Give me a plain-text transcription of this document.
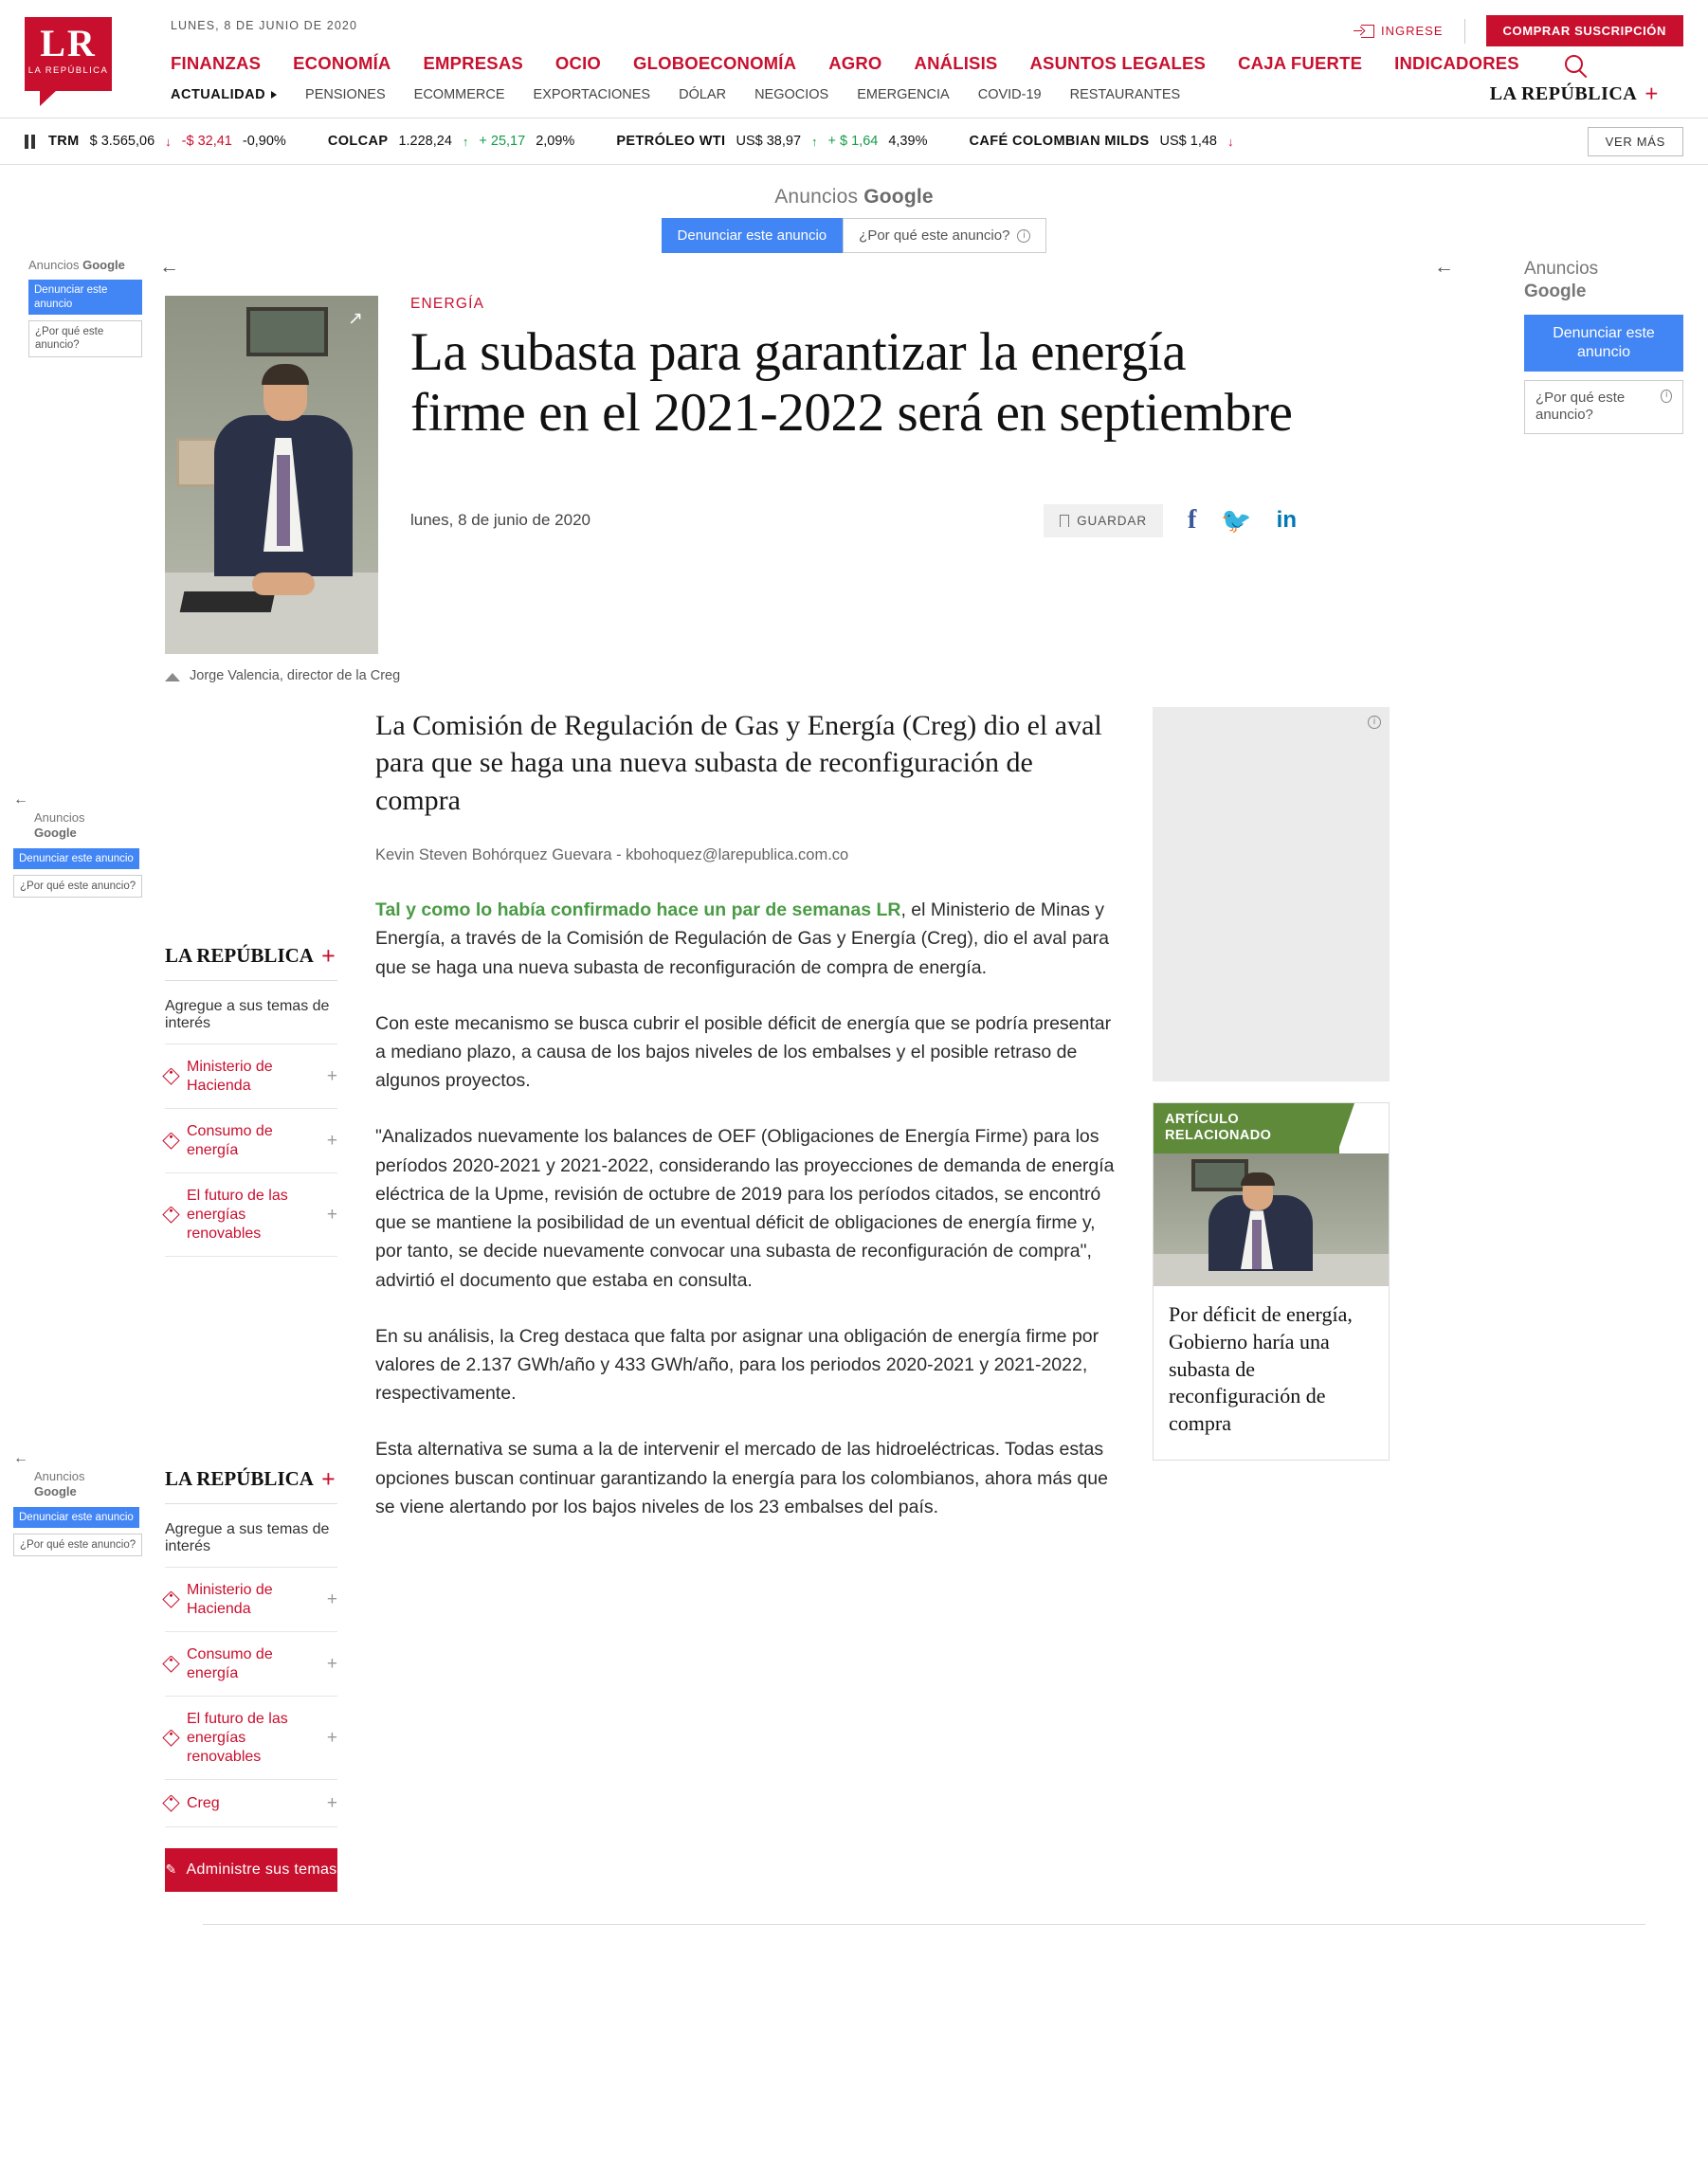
LR
LA REPÚBLICA
LUNES, 8 DE JUNIO DE 2020
FINANZAS ECONOMÍA EMPRESAS OCIO GLOBOECONOMÍA AGRO ANÁLISIS ASUNTOS LEGALES CAJA FUERTE INDICADORES
ACTUALIDAD	PENSIONES ECOMMERCE EXPORTACIONES DÓLAR NEGOCIOS EMERGENCIA COVID-19 RESTAURANTES	LA REPÚBLICA +
INGRESE	COMPRAR SUSCRIPCIÓN
TRM $ 3.565,06 ↓ -$ 32,41 -0,90%	COLCAP 1.228,24 ↑ + 25,17 2,09%	PETRÓLEO WTI US$ 38,97 ↑ + $ 1,64 4,39%	CAFÉ COLOMBIAN MILDS US$ 1,48 ↓	VER MÁS
Anuncios Google
Denunciar este anuncio	¿Por qué este anuncio?	i
Anuncios Google
Denunciar este anuncio ¿Por qué este anuncio?
←	←	Anuncios
Google
Denunciar este anuncio
¿Por qué este anuncio?
i
Anuncios
Google
Denunciar este anuncio ¿Por qué este anuncio?
←
Anuncios
Google
Denunciar este anuncio ¿Por qué este anuncio?
←
↗
ENERGÍA
La subasta para garantizar la energía firme en el 2021-2022 será en septiembre
lunes, 8 de junio de 2020	GUARDAR f 🐦 in
Jorge Valencia, director de la Creg
LA REPÚBLICA +
Agregue a sus temas de interés
Ministerio de Hacienda	+
Consumo de energía	+
El futuro de las energías renovables
+
LA REPÚBLICA +
Agregue a sus temas de interés
Ministerio de Hacienda	+
Consumo de energía	+
El futuro de las energías renovables
+
Creg	+
✎ Administre sus temas

La Comisión de Regulación de Gas y Energía (Creg) dio el aval para que se haga una nueva subasta de reconfiguración de compra

Kevin Steven Bohórquez Guevara - kbohoquez@larepublica.com.co

Tal y como lo había confirmado hace un par de semanas LR, el Ministerio de Minas y Energía, a través de la Comisión de Regulación de Gas y Energía (Creg), dio el aval para que se haga una nueva subasta de reconfiguración de compra de energía.

Con este mecanismo se busca cubrir el posible déficit de energía que se podría presentar a mediano plazo, a causa de los bajos niveles de los embalses y el posible retraso de algunos proyectos.

"Analizados nuevamente los balances de OEF (Obligaciones de Energía Firme) para los períodos 2020-2021 y 2021-2022, considerando las proyecciones de demanda de energía eléctrica de la Upme, revisión de octubre de 2019 para los períodos citados, se encontró que se mantiene la posibilidad de un eventual déficit de obligaciones de energía firme y, por tanto, se decide nuevamente convocar una subasta de reconfiguración de compra", advirtió el documento que estaba en consulta.

En su análisis, la Creg destaca que falta por asignar una obligación de energía firme por valores de 2.137 GWh/año y 433 GWh/año, para los periodos 2020-2021 y 2021-2022, respectivamente.

Esta alternativa se suma a la de intervenir el mercado de las hidroeléctricas. Todas estas opciones buscan continuar garantizando la energía para los colombianos, ahora más que se viene alertando por los bajos niveles de los 23 embalses del país.

i
ARTÍCULO RELACIONADO
Por déficit de energía, Gobierno haría una subasta de reconfiguración de compra
